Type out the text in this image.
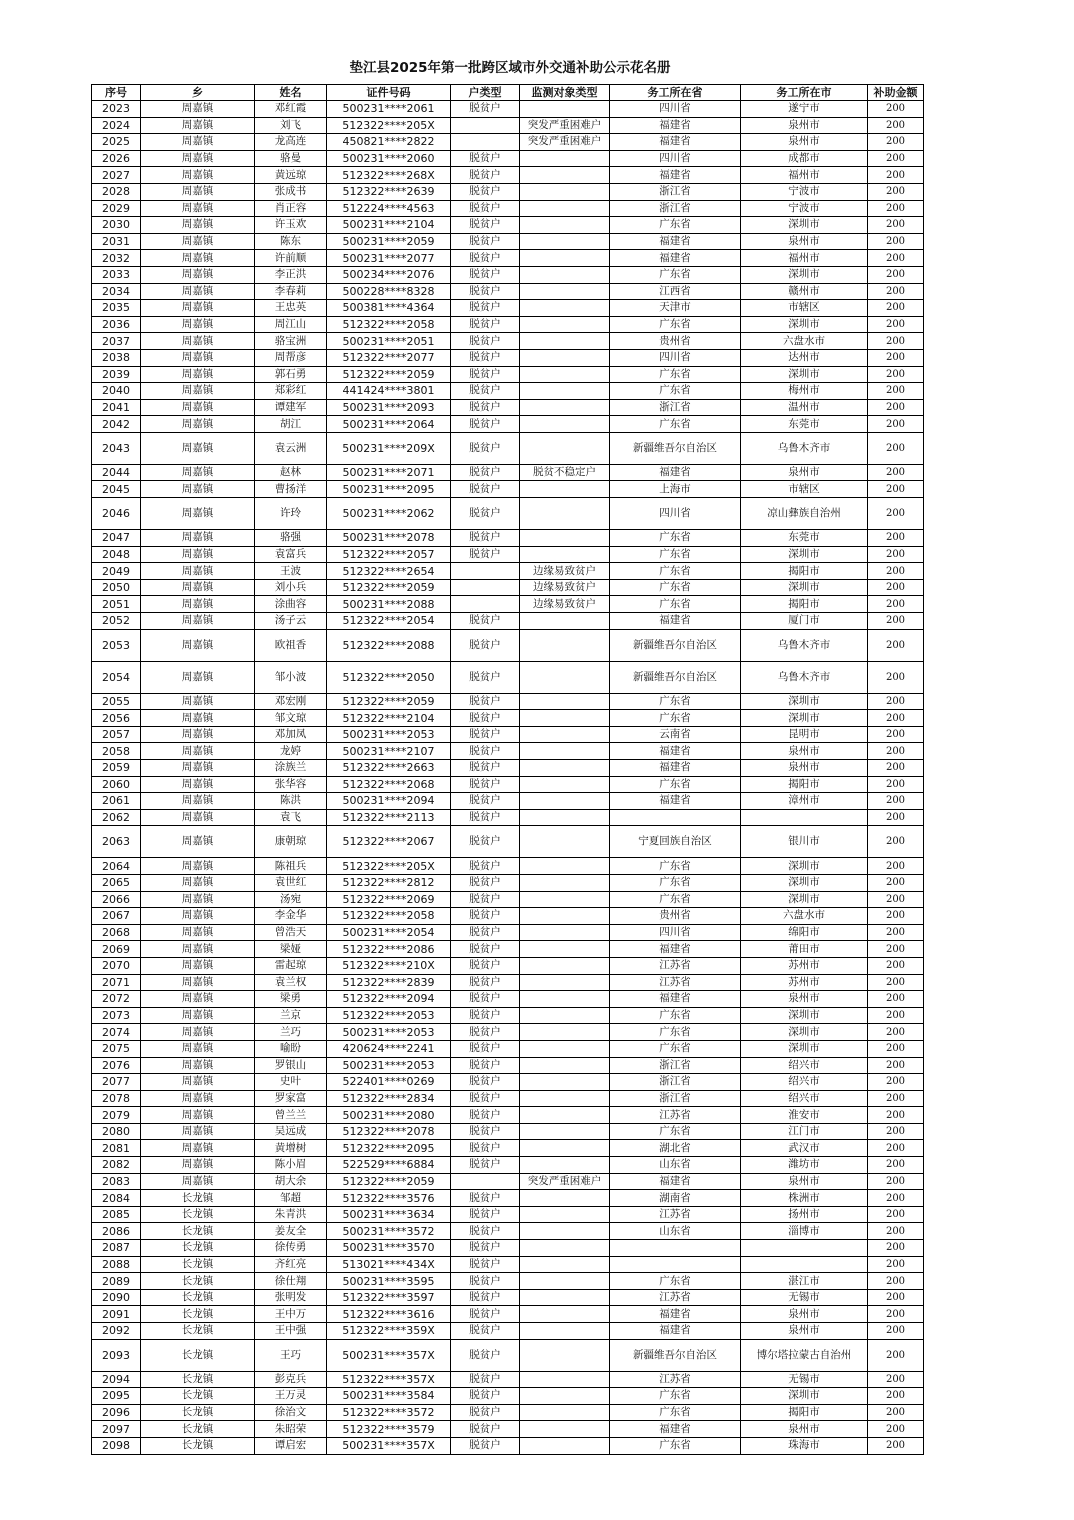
垫江县2025年第一批跨区域市外交通补助公示花名册
序号	乡	姓名	证件号码	户类型	监测对象类型	务工所在省	务工所在市	补助金额
2023	周嘉镇	邓红霞	500231****2061	脱贫户		四川省	遂宁市	200
2024	周嘉镇	刘飞	512322****205X		突发严重困难户	福建省	泉州市	200
2025	周嘉镇	龙高连	450821****2822		突发严重困难户	福建省	泉州市	200
2026	周嘉镇	骆曼	500231****2060	脱贫户		四川省	成都市	200
2027	周嘉镇	黄远琼	512322****268X	脱贫户		福建省	福州市	200
2028	周嘉镇	张成书	512322****2639	脱贫户		浙江省	宁波市	200
2029	周嘉镇	肖正容	512224****4563	脱贫户		浙江省	宁波市	200
2030	周嘉镇	许玉欢	500231****2104	脱贫户		广东省	深圳市	200
2031	周嘉镇	陈东	500231****2059	脱贫户		福建省	泉州市	200
2032	周嘉镇	许前顺	500231****2077	脱贫户		福建省	福州市	200
2033	周嘉镇	李正洪	500234****2076	脱贫户		广东省	深圳市	200
2034	周嘉镇	李春莉	500228****8328	脱贫户		江西省	赣州市	200
2035	周嘉镇	王忠英	500381****4364	脱贫户		天津市	市辖区	200
2036	周嘉镇	周江山	512322****2058	脱贫户		广东省	深圳市	200
2037	周嘉镇	骆宝洲	500231****2051	脱贫户		贵州省	六盘水市	200
2038	周嘉镇	周帮彦	512322****2077	脱贫户		四川省	达州市	200
2039	周嘉镇	郭石勇	512322****2059	脱贫户		广东省	深圳市	200
2040	周嘉镇	郑彩红	441424****3801	脱贫户		广东省	梅州市	200
2041	周嘉镇	谭建军	500231****2093	脱贫户		浙江省	温州市	200
2042	周嘉镇	胡江	500231****2064	脱贫户		广东省	东莞市	200
2043	周嘉镇	袁云洲	500231****209X	脱贫户		新疆维吾尔自治区	乌鲁木齐市	200
2044	周嘉镇	赵林	500231****2071	脱贫户	脱贫不稳定户	福建省	泉州市	200
2045	周嘉镇	曹扬洋	500231****2095	脱贫户		上海市	市辖区	200
2046	周嘉镇	许玲	500231****2062	脱贫户		四川省	凉山彝族自治州	200
2047	周嘉镇	骆强	500231****2078	脱贫户		广东省	东莞市	200
2048	周嘉镇	袁富兵	512322****2057	脱贫户		广东省	深圳市	200
2049	周嘉镇	王波	512322****2654		边缘易致贫户	广东省	揭阳市	200
2050	周嘉镇	刘小兵	512322****2059		边缘易致贫户	广东省	深圳市	200
2051	周嘉镇	涂曲容	500231****2088		边缘易致贫户	广东省	揭阳市	200
2052	周嘉镇	汤子云	512322****2054	脱贫户		福建省	厦门市	200
2053	周嘉镇	欧祖香	512322****2088	脱贫户		新疆维吾尔自治区	乌鲁木齐市	200
2054	周嘉镇	邹小波	512322****2050	脱贫户		新疆维吾尔自治区	乌鲁木齐市	200
2055	周嘉镇	邓宏刚	512322****2059	脱贫户		广东省	深圳市	200
2056	周嘉镇	邹文琼	512322****2104	脱贫户		广东省	深圳市	200
2057	周嘉镇	邓加凤	500231****2053	脱贫户		云南省	昆明市	200
2058	周嘉镇	龙婷	500231****2107	脱贫户		福建省	泉州市	200
2059	周嘉镇	涂族兰	512322****2663	脱贫户		福建省	泉州市	200
2060	周嘉镇	张华容	512322****2068	脱贫户		广东省	揭阳市	200
2061	周嘉镇	陈洪	500231****2094	脱贫户		福建省	漳州市	200
2062	周嘉镇	袁飞	512322****2113	脱贫户				200
2063	周嘉镇	康朝琼	512322****2067	脱贫户		宁夏回族自治区	银川市	200
2064	周嘉镇	陈祖兵	512322****205X	脱贫户		广东省	深圳市	200
2065	周嘉镇	袁世红	512322****2812	脱贫户		广东省	深圳市	200
2066	周嘉镇	汤宛	512322****2069	脱贫户		广东省	深圳市	200
2067	周嘉镇	李金华	512322****2058	脱贫户		贵州省	六盘水市	200
2068	周嘉镇	曾浩天	500231****2054	脱贫户		四川省	绵阳市	200
2069	周嘉镇	梁娅	512322****2086	脱贫户		福建省	莆田市	200
2070	周嘉镇	雷起琼	512322****210X	脱贫户		江苏省	苏州市	200
2071	周嘉镇	袁兰权	512322****2839	脱贫户		江苏省	苏州市	200
2072	周嘉镇	梁勇	512322****2094	脱贫户		福建省	泉州市	200
2073	周嘉镇	兰京	512322****2053	脱贫户		广东省	深圳市	200
2074	周嘉镇	兰巧	500231****2053	脱贫户		广东省	深圳市	200
2075	周嘉镇	喻盼	420624****2241	脱贫户		广东省	深圳市	200
2076	周嘉镇	罗银山	500231****2053	脱贫户		浙江省	绍兴市	200
2077	周嘉镇	史叶	522401****0269	脱贫户		浙江省	绍兴市	200
2078	周嘉镇	罗家富	512322****2834	脱贫户		浙江省	绍兴市	200
2079	周嘉镇	曾兰兰	500231****2080	脱贫户		江苏省	淮安市	200
2080	周嘉镇	吴远成	512322****2078	脱贫户		广东省	江门市	200
2081	周嘉镇	黄增树	512322****2095	脱贫户		湖北省	武汉市	200
2082	周嘉镇	陈小眉	522529****6884	脱贫户		山东省	潍坊市	200
2083	周嘉镇	胡大余	512322****2059		突发严重困难户	福建省	泉州市	200
2084	长龙镇	邹超	512322****3576	脱贫户		湖南省	株洲市	200
2085	长龙镇	朱青洪	500231****3634	脱贫户		江苏省	扬州市	200
2086	长龙镇	姜友全	500231****3572	脱贫户		山东省	淄博市	200
2087	长龙镇	徐传勇	500231****3570	脱贫户				200
2088	长龙镇	齐红亮	513021****434X	脱贫户				200
2089	长龙镇	徐仕翔	500231****3595	脱贫户		广东省	湛江市	200
2090	长龙镇	张明发	512322****3597	脱贫户		江苏省	无锡市	200
2091	长龙镇	王中万	512322****3616	脱贫户		福建省	泉州市	200
2092	长龙镇	王中强	512322****359X	脱贫户		福建省	泉州市	200
2093	长龙镇	王巧	500231****357X	脱贫户		新疆维吾尔自治区	博尔塔拉蒙古自治州	200
2094	长龙镇	彭克兵	512322****357X	脱贫户		江苏省	无锡市	200
2095	长龙镇	王万灵	500231****3584	脱贫户		广东省	深圳市	200
2096	长龙镇	徐治文	512322****3572	脱贫户		广东省	揭阳市	200
2097	长龙镇	朱昭荣	512322****3579	脱贫户		福建省	泉州市	200
2098	长龙镇	谭启宏	500231****357X	脱贫户		广东省	珠海市	200
